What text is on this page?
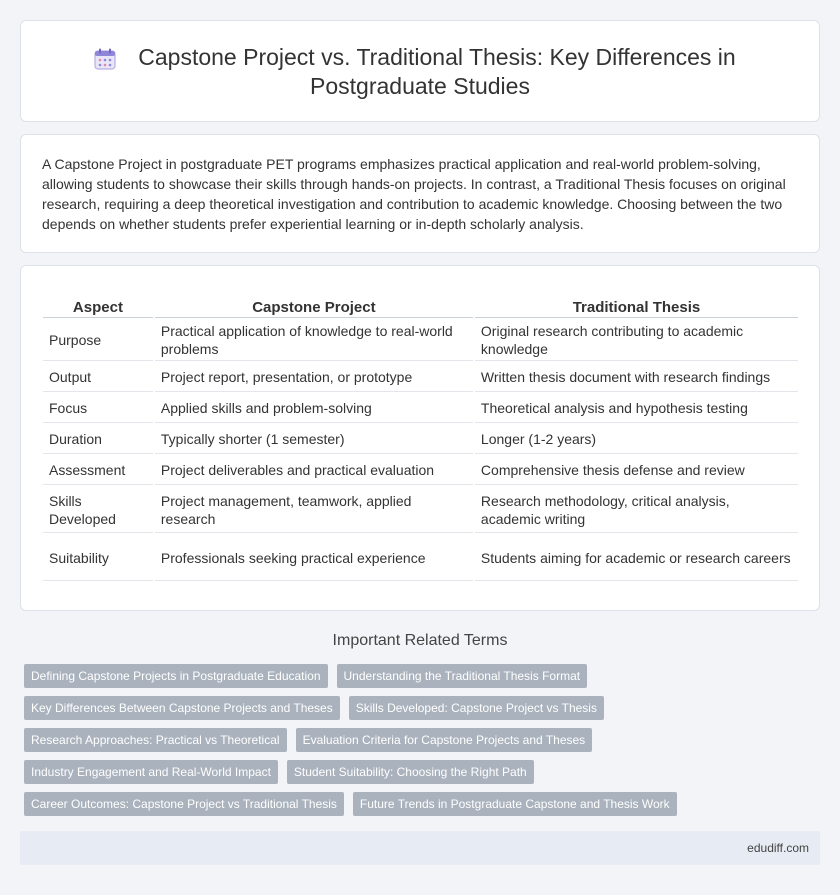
Capstone Project vs. Traditional Thesis: Key Differences in
Postgraduate Studies

A Capstone Project in postgraduate PET programs emphasizes practical application and real-world problem-solving, allowing students to showcase their skills through hands-on projects. In contrast, a Traditional Thesis focuses on original research, requiring a deep theoretical investigation and contribution to academic knowledge. Choosing between the two depends on whether students prefer experiential learning or in-depth scholarly analysis.

Aspect	Capstone Project	Traditional Thesis
Purpose	Practical application of knowledge to real-world problems	Original research contributing to academic knowledge
Output	Project report, presentation, or prototype	Written thesis document with research findings
Focus	Applied skills and problem-solving	Theoretical analysis and hypothesis testing
Duration	Typically shorter (1 semester)	Longer (1-2 years)
Assessment	Project deliverables and practical evaluation	Comprehensive thesis defense and review
Skills Developed	Project management, teamwork, applied research	Research methodology, critical analysis, academic writing
Suitability	Professionals seeking practical experience	Students aiming for academic or research careers
Important Related Terms
Defining Capstone Projects in Postgraduate Education Understanding the Traditional Thesis Format
Key Differences Between Capstone Projects and Theses Skills Developed: Capstone Project vs Thesis
Research Approaches: Practical vs Theoretical Evaluation Criteria for Capstone Projects and Theses
Industry Engagement and Real-World Impact Student Suitability: Choosing the Right Path
Career Outcomes: Capstone Project vs Traditional Thesis Future Trends in Postgraduate Capstone and Thesis Work
edudiff.com
